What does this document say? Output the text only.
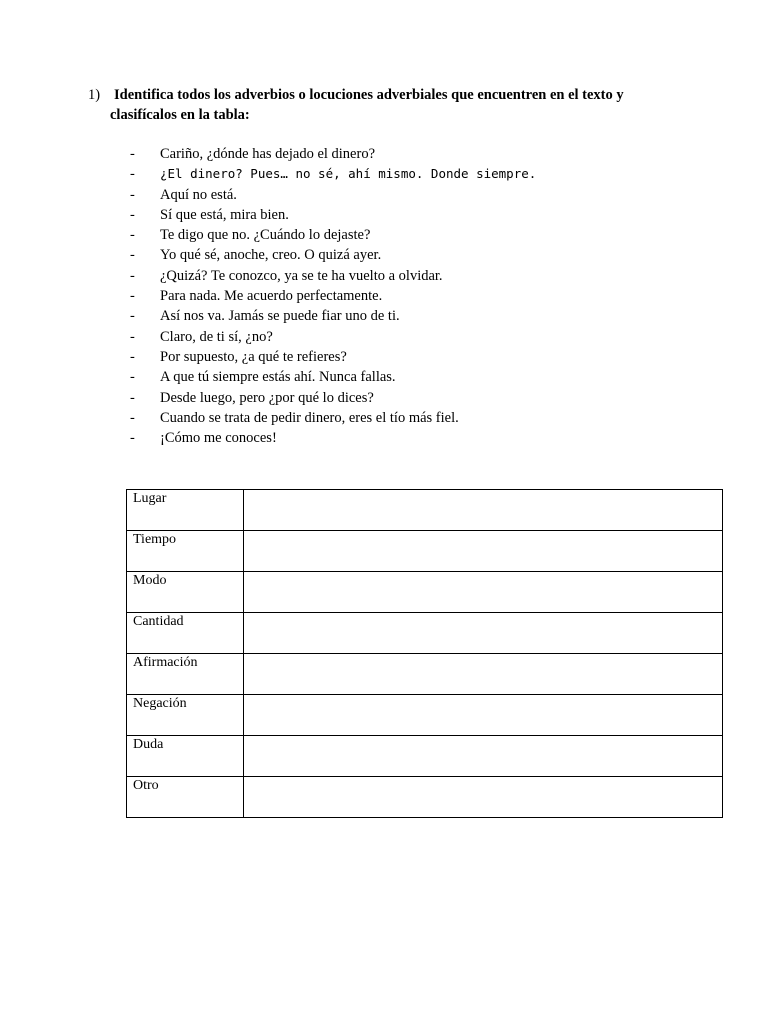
1) Identifica todos los adverbios o locuciones adverbiales que encuentren en el texto y clasifícalos en la tabla:
- Cariño, ¿dónde has dejado el dinero?
- ¿El dinero? Pues… no sé, ahí mismo. Donde siempre.
- Aquí no está.
- Sí que está, mira bien.
- Te digo que no. ¿Cuándo lo dejaste?
- Yo qué sé, anoche, creo. O quizá ayer.
- ¿Quizá? Te conozco, ya se te ha vuelto a olvidar.
- Para nada. Me acuerdo perfectamente.
- Así nos va. Jamás se puede fiar uno de ti.
- Claro, de ti sí, ¿no?
- Por supuesto, ¿a qué te refieres?
- A que tú siempre estás ahí. Nunca fallas.
- Desde luego, pero ¿por qué lo dices?
- Cuando se trata de pedir dinero, eres el tío más fiel.
- ¡Cómo me conoces!
Lugar	
Tiempo	
Modo	
Cantidad	
Afirmación	
Negación	
Duda	
Otro	
